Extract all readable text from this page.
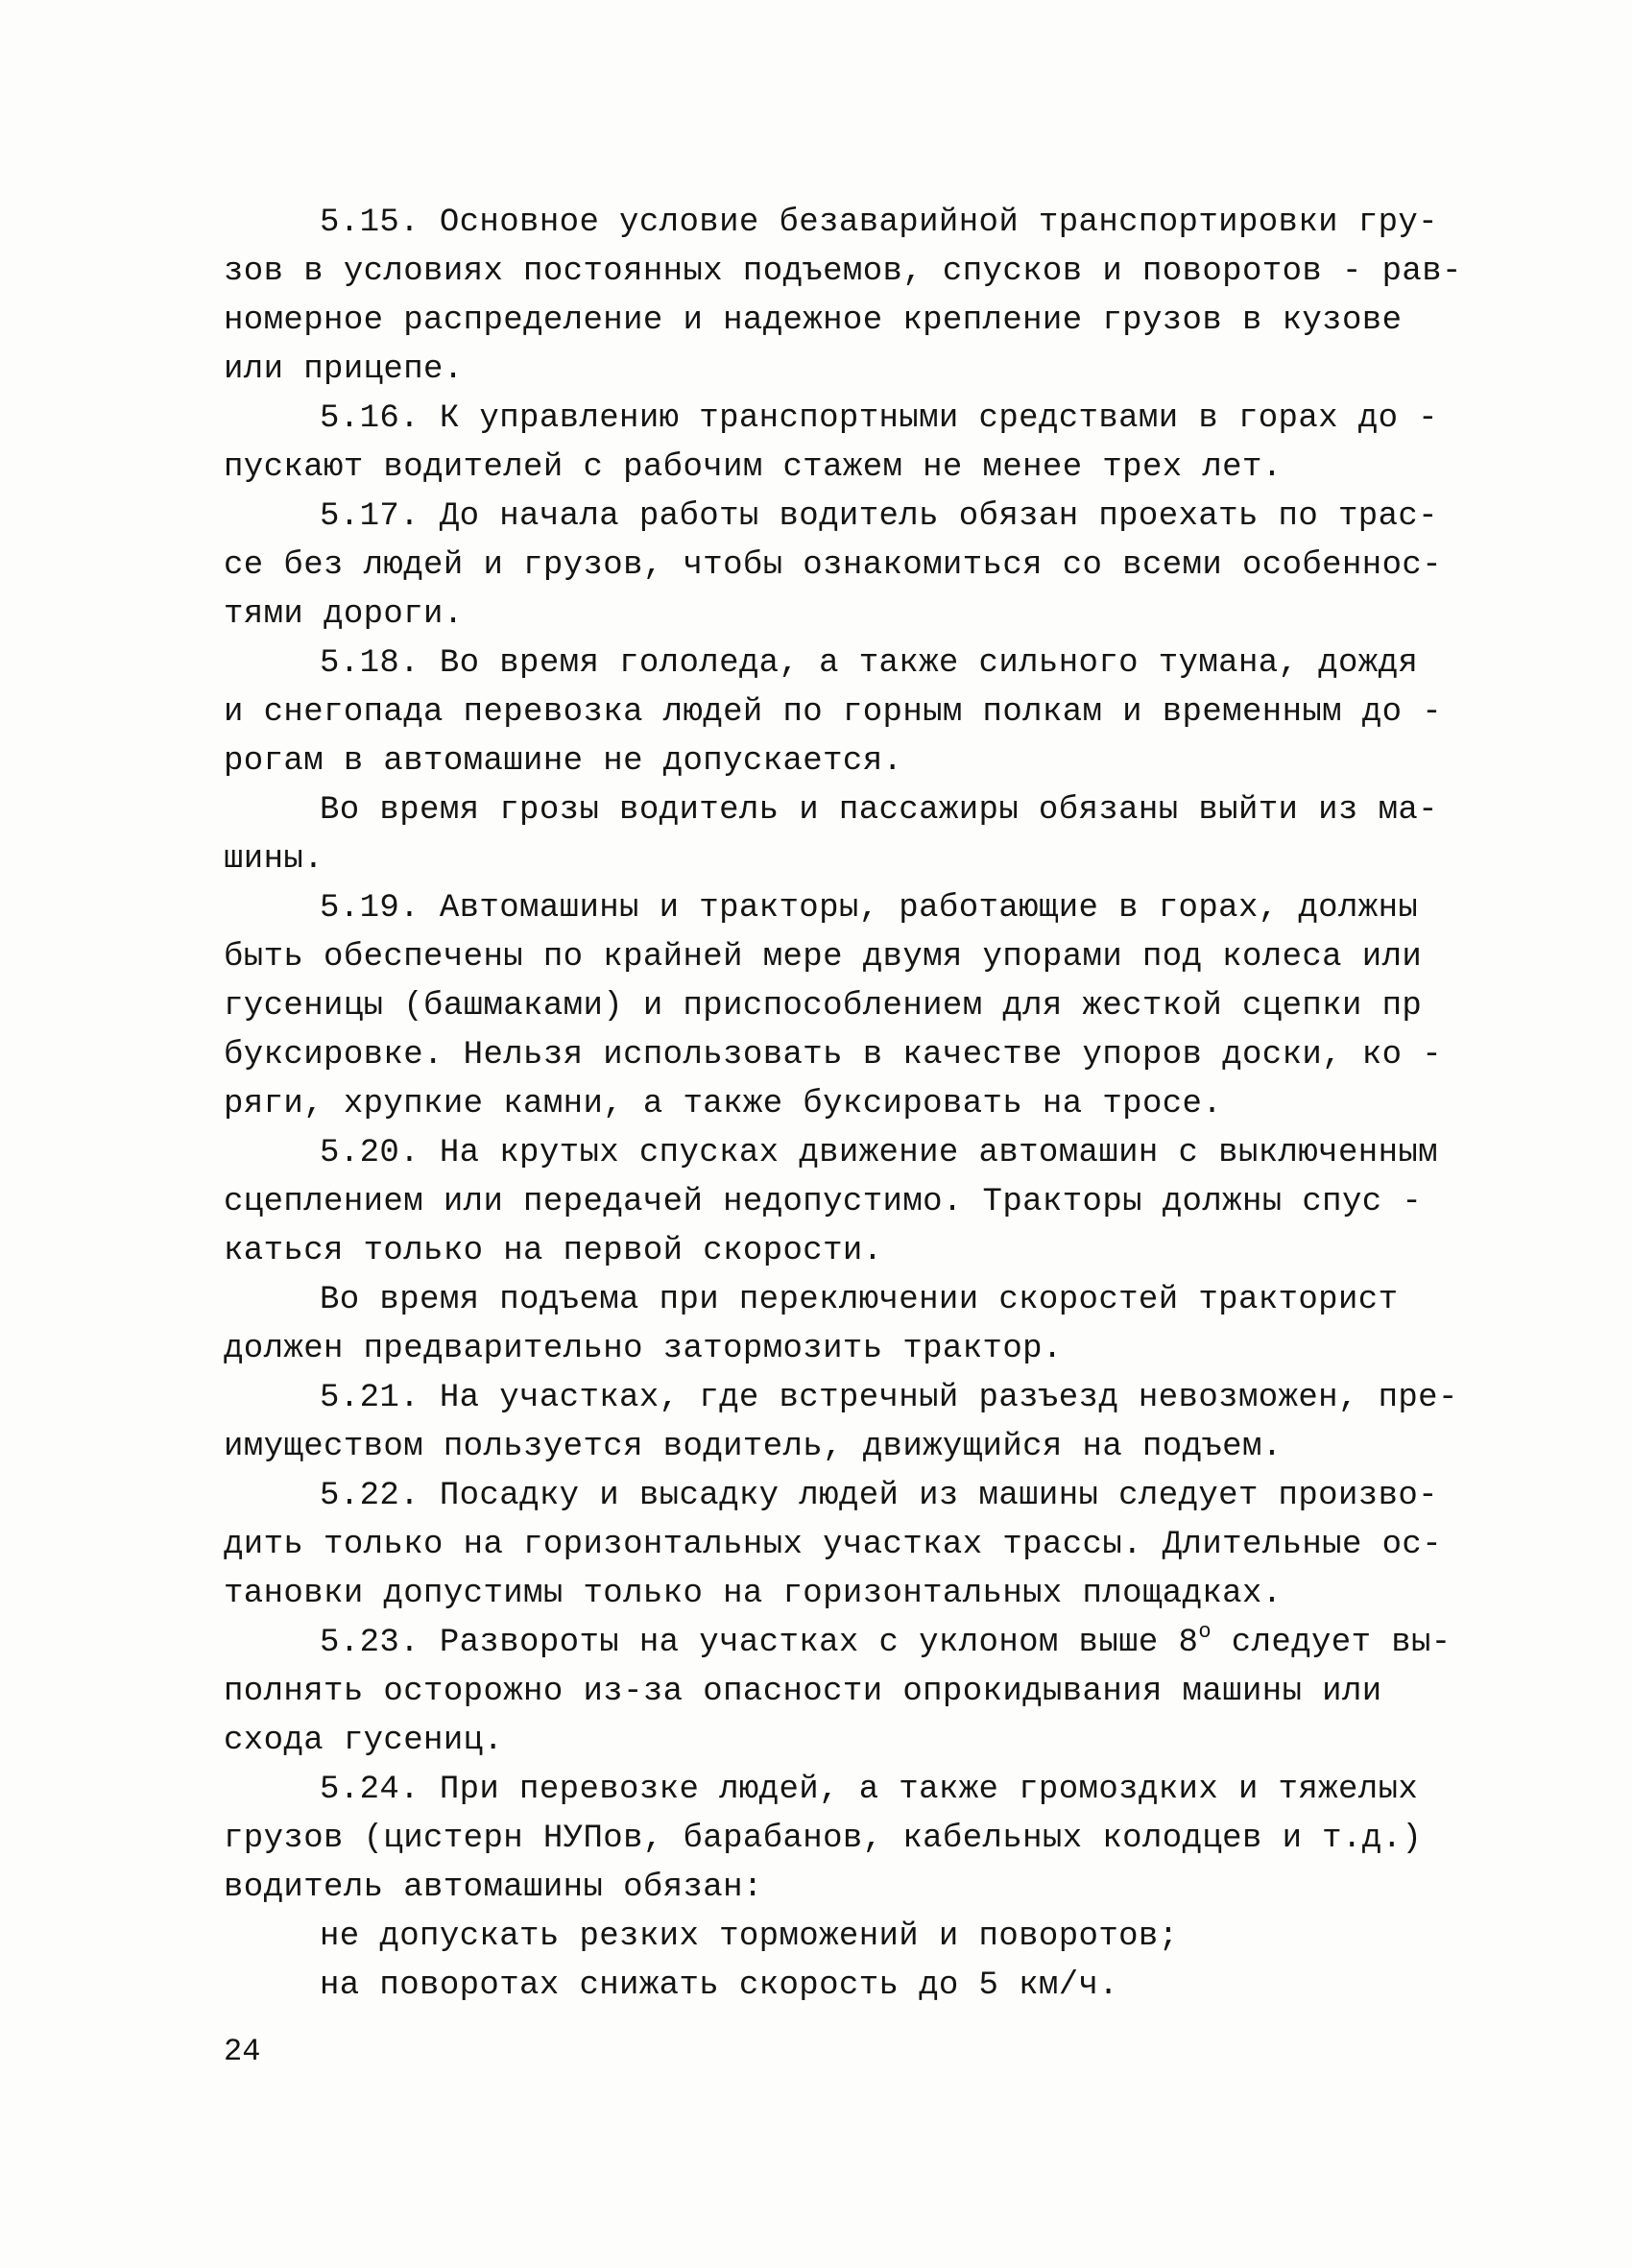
5.15. Основное условие безаварийной транспортировки гру-
зов в условиях постоянных подъемов, спусков и поворотов - рав-
номерное распределение и надежное крепление грузов в кузове
или прицепе.
5.16. К управлению транспортными средствами в горах до -
пускают водителей с рабочим стажем не менее трех лет.
5.17. До начала работы водитель обязан проехать по трас-
се без людей и грузов, чтобы ознакомиться со всеми особеннос-
тями дороги.
5.18. Во время гололеда, а также сильного тумана, дождя
и снегопада перевозка людей по горным полкам и временным до -
рогам в автомашине не допускается.
Во время грозы водитель и пассажиры обязаны выйти из ма-
шины.
5.19. Автомашины и тракторы, работающие в горах, должны
быть обеспечены по крайней мере двумя упорами под колеса или
гусеницы (башмаками) и приспособлением для жесткой сцепки пр
буксировке. Нельзя использовать в качестве упоров доски, ко -
ряги, хрупкие камни, а также буксировать на тросе.
5.20. На крутых спусках движение автомашин с выключенным
сцеплением или передачей недопустимо. Тракторы должны спус -
каться только на первой скорости.
Во время подъема при переключении скоростей тракторист
должен предварительно затормозить трактор.
5.21. На участках, где встречный разъезд невозможен, пре-
имуществом пользуется водитель, движущийся на подъем.
5.22. Посадку и высадку людей из машины следует произво-
дить только на горизонтальных участках трассы. Длительные ос-
тановки допустимы только на горизонтальных площадках.
5.23. Развороты на участках с уклоном выше 8$^o$ следует вы-
полнять осторожно из-за опасности опрокидывания машины или
схода гусениц.
5.24. При перевозке людей, а также громоздких и тяжелых
грузов (цистерн НУПов, барабанов, кабельных колодцев и т.д.)
водитель автомашины обязан:
не допускать резких торможений и поворотов;
на поворотах снижать скорость до 5 км/ч.
24
